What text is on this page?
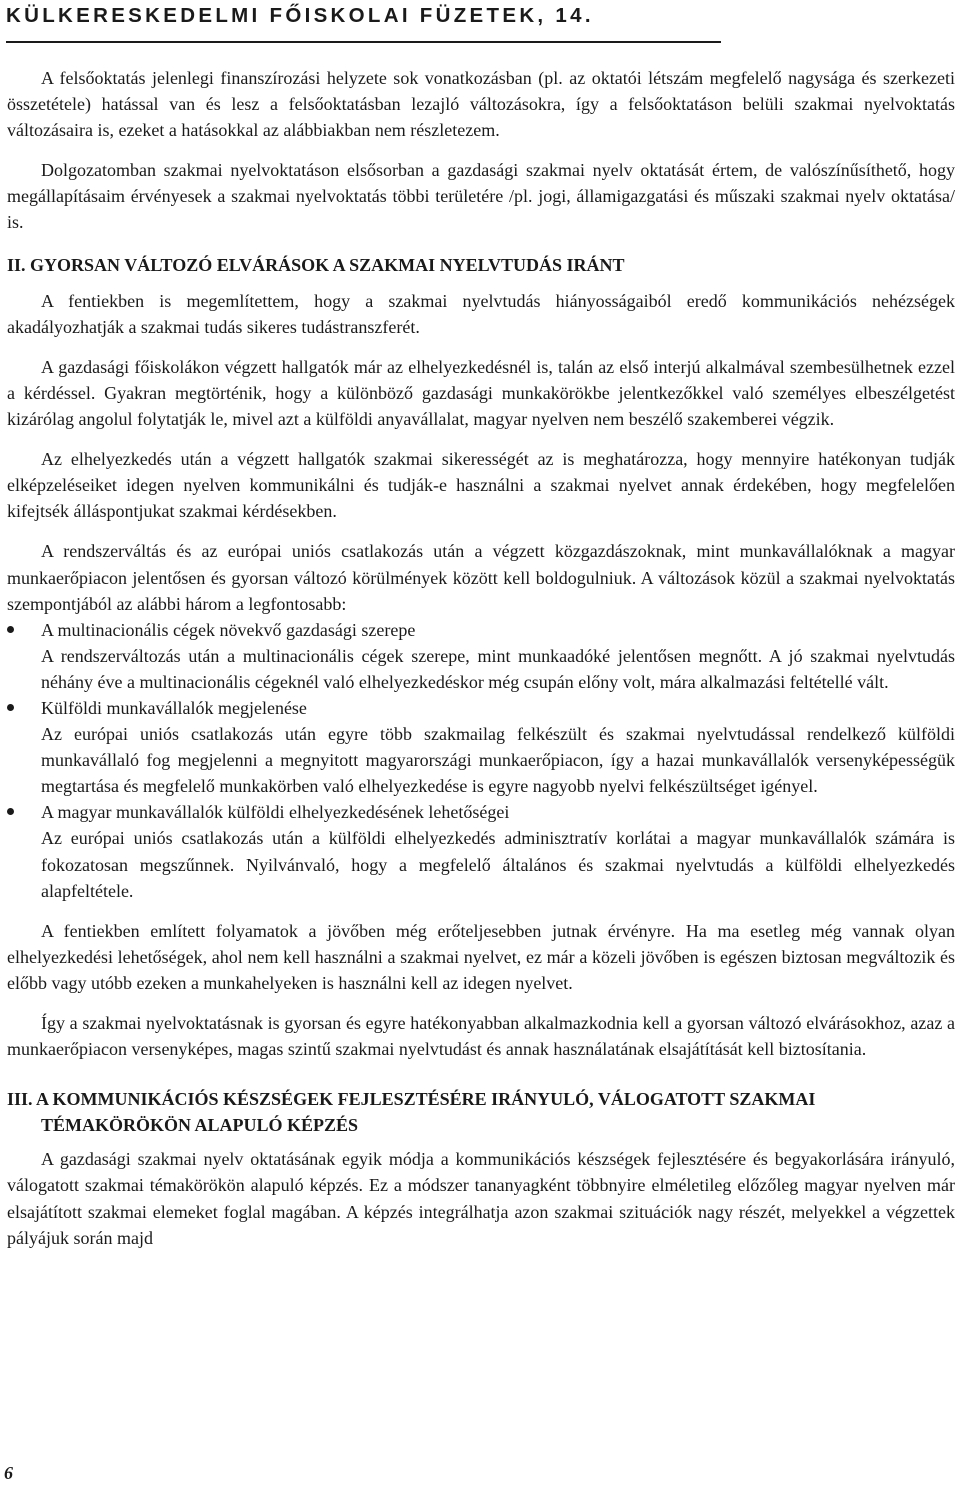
KÜLKERESKEDELMI FŐISKOLAI FÜZETEK, 14.

A felsőoktatás jelenlegi finanszírozási helyzete sok vonatkozásban (pl. az oktatói létszám megfelelő nagysága és szerkezeti összetétele) hatással van és lesz a felsőoktatásban lezajló változásokra, így a felsőoktatáson belüli szakmai nyelvoktatás változásaira is, ezeket a hatásokkal az alábbiakban nem részletezem.

Dolgozatomban szakmai nyelvoktatáson elsősorban a gazdasági szakmai nyelv oktatását értem, de valószínűsíthető, hogy megállapításaim érvényesek a szakmai nyelvoktatás többi területére /pl. jogi, államigazgatási és műszaki szakmai nyelv oktatása/ is.

II. GYORSAN VÁLTOZÓ ELVÁRÁSOK A SZAKMAI NYELVTUDÁS IRÁNT

A fentiekben is megemlítettem, hogy a szakmai nyelvtudás hiányosságaiból eredő kommunikációs nehézségek akadályozhatják a szakmai tudás sikeres tudástranszferét.

A gazdasági főiskolákon végzett hallgatók már az elhelyezkedésnél is, talán az első interjú alkalmával szembesülhetnek ezzel a kérdéssel. Gyakran megtörténik, hogy a különböző gazdasági munkakörökbe jelentkezőkkel való személyes elbeszélgetést kizárólag angolul folytatják le, mivel azt a külföldi anyavállalat, magyar nyelven nem beszélő szakemberei végzik.

Az elhelyezkedés után a végzett hallgatók szakmai sikerességét az is meghatározza, hogy mennyire hatékonyan tudják elképzeléseiket idegen nyelven kommunikálni és tudják-e használni a szakmai nyelvet annak érdekében, hogy megfelelően kifejtsék álláspontjukat szakmai kérdésekben.

A rendszerváltás és az európai uniós csatlakozás után a végzett közgazdászoknak, mint munkavállalóknak a magyar munkaerőpiacon jelentősen és gyorsan változó körülmények között kell boldogulniuk. A változások közül a szakmai nyelvoktatás szempontjából az alábbi három a legfontosabb:

A multinacionális cégek növekvő gazdasági szerepe
A rendszerváltozás után a multinacionális cégek szerepe, mint munkaadóké jelentősen megnőtt. A jó szakmai nyelvtudás néhány éve a multinacionális cégeknél való elhelyezkedéskor még csupán előny volt, mára alkalmazási feltétellé vált.
Külföldi munkavállalók megjelenése
Az európai uniós csatlakozás után egyre több szakmailag felkészült és szakmai nyelvtudással rendelkező külföldi munkavállaló fog megjelenni a megnyitott magyarországi munkaerőpiacon, így a hazai munkavállalók versenyképességük megtartása és megfelelő munkakörben való elhelyezkedése is egyre nagyobb nyelvi felkészültséget igényel.
A magyar munkavállalók külföldi elhelyezkedésének lehetőségei
Az európai uniós csatlakozás után a külföldi elhelyezkedés adminisztratív korlátai a magyar munkavállalók számára is fokozatosan megszűnnek. Nyilvánvaló, hogy a megfelelő általános és szakmai nyelvtudás a külföldi elhelyezkedés alapfeltétele.

A fentiekben említett folyamatok a jövőben még erőteljesebben jutnak érvényre. Ha ma esetleg még vannak olyan elhelyezkedési lehetőségek, ahol nem kell használni a szakmai nyelvet, ez már a közeli jövőben is egészen biztosan megváltozik és előbb vagy utóbb ezeken a munkahelyeken is használni kell az idegen nyelvet.

Így a szakmai nyelvoktatásnak is gyorsan és egyre hatékonyabban alkalmazkodnia kell a gyorsan változó elvárásokhoz, azaz a munkaerőpiacon versenyképes, magas szintű szakmai nyelvtudást és annak használatának elsajátítását kell biztosítania.

III. A KOMMUNIKÁCIÓS KÉSZSÉGEK FEJLESZTÉSÉRE IRÁNYULÓ, VÁLOGATOTT SZAKMAI TÉMAKÖRÖKÖN ALAPULÓ KÉPZÉS

A gazdasági szakmai nyelv oktatásának egyik módja a kommunikációs készségek fejlesztésére és begyakorlására irányuló, válogatott szakmai témakörökön alapuló képzés. Ez a módszer tananyagként többnyire elméletileg előzőleg magyar nyelven már elsajátított szakmai elemeket foglal magában. A képzés integrálhatja azon szakmai szituációk nagy részét, melyekkel a végzettek pályájuk során majd

6
